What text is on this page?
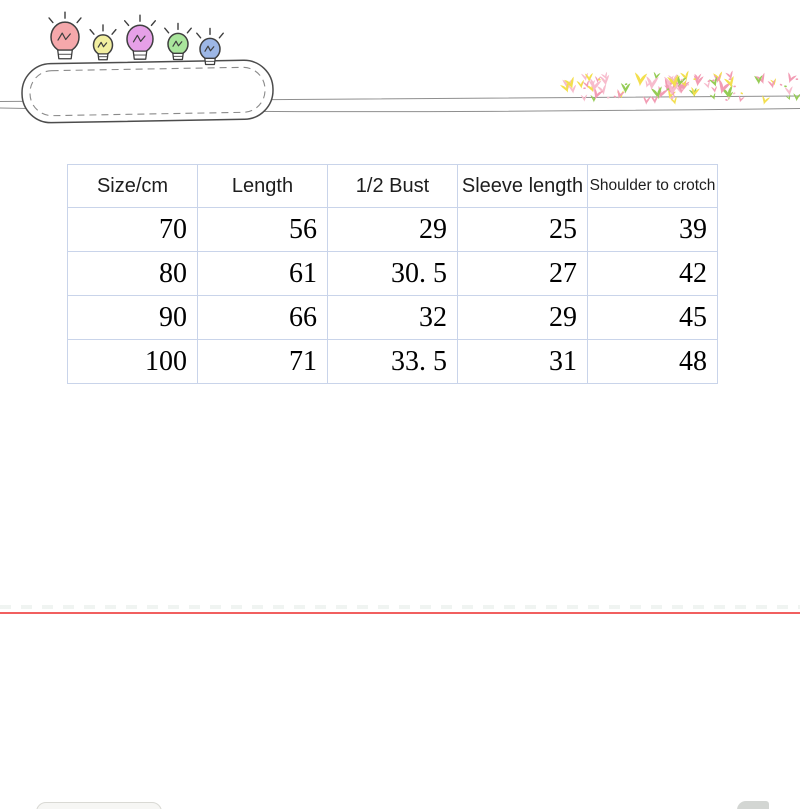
Size/cm	Length	1/2 Bust	Sleeve length	Shoulder to crotch
70	56	29	25	39
80	61	30. 5	27	42
90	66	32	29	45
100	71	33. 5	31	48
